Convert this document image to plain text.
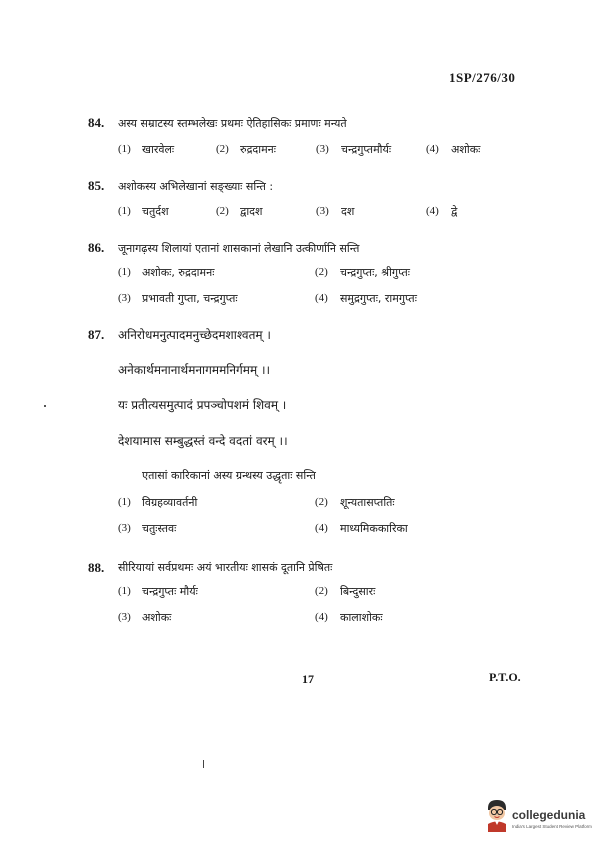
1SP/276/30
84. अस्य सम्राटस्य स्तम्भलेखः प्रथमः ऐतिहासिकः प्रमाणः मन्यते
(1) खारवेलः	(2) रुद्रदामनः	(3) चन्द्रगुप्तमौर्यः	(4) अशोकः
85. अशोकस्य अभिलेखानां सङ्ख्याः सन्ति :
(1) चतुर्दश	(2) द्वादश	(3) दश	(4) द्वे
86. जूनागढ़स्य शिलायां एतानां शासकानां लेखानि उत्कीर्णानि सन्ति
(1) अशोकः, रुद्रदामनः	(2) चन्द्रगुप्तः, श्रीगुप्तः
(3) प्रभावती गुप्ता, चन्द्रगुप्तः	(4) समुद्रगुप्तः, रामगुप्तः
87. अनिरोधमनुत्पादमनुच्छेदमशाश्वतम् ।
अनेकार्थमनानार्थमनागममनिर्गमम् ।।
यः प्रतीत्यसमुत्पादं प्रपञ्चोपशमं शिवम् ।
देशयामास सम्बुद्धस्तं वन्दे वदतां वरम् ।।
एतासां कारिकानां अस्य ग्रन्थस्य उद्धृताः सन्ति
(1) विग्रहव्यावर्तनी	(2) शून्यतासप्ततिः
(3) चतुःस्तवः	(4) माध्यमिककारिका
88. सीरियायां सर्वप्रथमः अयं भारतीयः शासकं दूतानि प्रेषितः
(1) चन्द्रगुप्तः मौर्यः	(2) बिन्दुसारः
(3) अशोकः	(4) कालाशोकः
17	P.T.O.
collegedunia
India's Largest Student Review Platform
